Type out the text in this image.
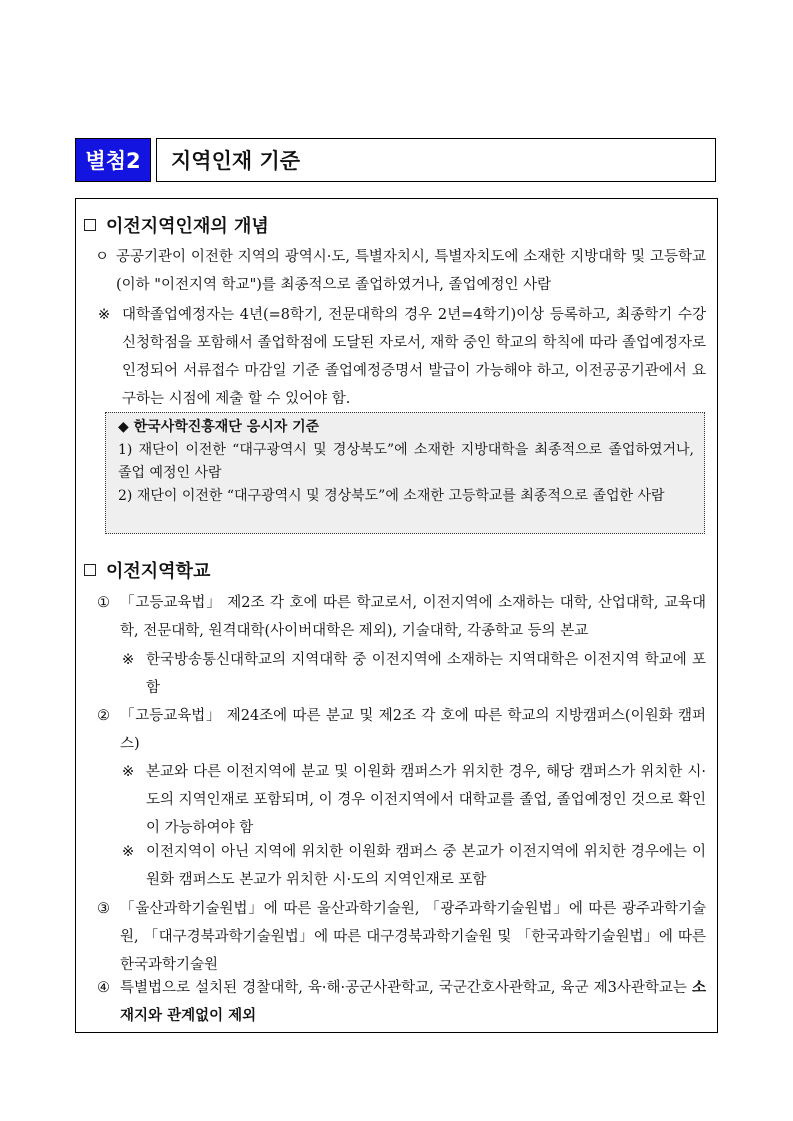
별첨2	지역인재 기준
이전지역인재의 개념
ㅇ 공공기관이 이전한 지역의 광역시·도, 특별자치시, 특별자치도에 소재한 지방대학 및 고등학교(이하 "이전지역 학교")를 최종적으로 졸업하였거나, 졸업예정인 사람
※ 대학졸업예정자는 4년(=8학기, 전문대학의 경우 2년=4학기)이상 등록하고, 최종학기 수강신청학점을 포함해서 졸업학점에 도달된 자로서, 재학 중인 학교의 학칙에 따라 졸업예정자로 인정되어 서류접수 마감일 기준 졸업예정증명서 발급이 가능해야 하고, 이전공공기관에서 요구하는 시점에 제출 할 수 있어야 함.
◆ 한국사학진흥재단 응시자 기준

1) 재단이 이전한 “대구광역시 및 경상북도”에 소재한 지방대학을 최종적으로 졸업하였거나, 졸업 예정인 사람

2) 재단이 이전한 “대구광역시 및 경상북도”에 소재한 고등학교를 최종적으로 졸업한 사람

이전지역학교
① 「고등교육법」 제2조 각 호에 따른 학교로서, 이전지역에 소재하는 대학, 산업대학, 교육대학, 전문대학, 원격대학(사이버대학은 제외), 기술대학, 각종학교 등의 본교
※ 한국방송통신대학교의 지역대학 중 이전지역에 소재하는 지역대학은 이전지역 학교에 포함
② 「고등교육법」 제24조에 따른 분교 및 제2조 각 호에 따른 학교의 지방캠퍼스(이원화 캠퍼스)
※ 본교와 다른 이전지역에 분교 및 이원화 캠퍼스가 위치한 경우, 해당 캠퍼스가 위치한 시·도의 지역인재로 포함되며, 이 경우 이전지역에서 대학교를 졸업, 졸업예정인 것으로 확인이 가능하여야 함
※ 이전지역이 아닌 지역에 위치한 이원화 캠퍼스 중 본교가 이전지역에 위치한 경우에는 이원화 캠퍼스도 본교가 위치한 시·도의 지역인재로 포함
③ 「울산과학기술원법」에 따른 울산과학기술원, 「광주과학기술원법」에 따른 광주과학기술원, 「대구경북과학기술원법」에 따른 대구경북과학기술원 및 「한국과학기술원법」에 따른 한국과학기술원
④ 특별법으로 설치된 경찰대학, 육·해·공군사관학교, 국군간호사관학교, 육군 제3사관학교는 소재지와 관계없이 제외
